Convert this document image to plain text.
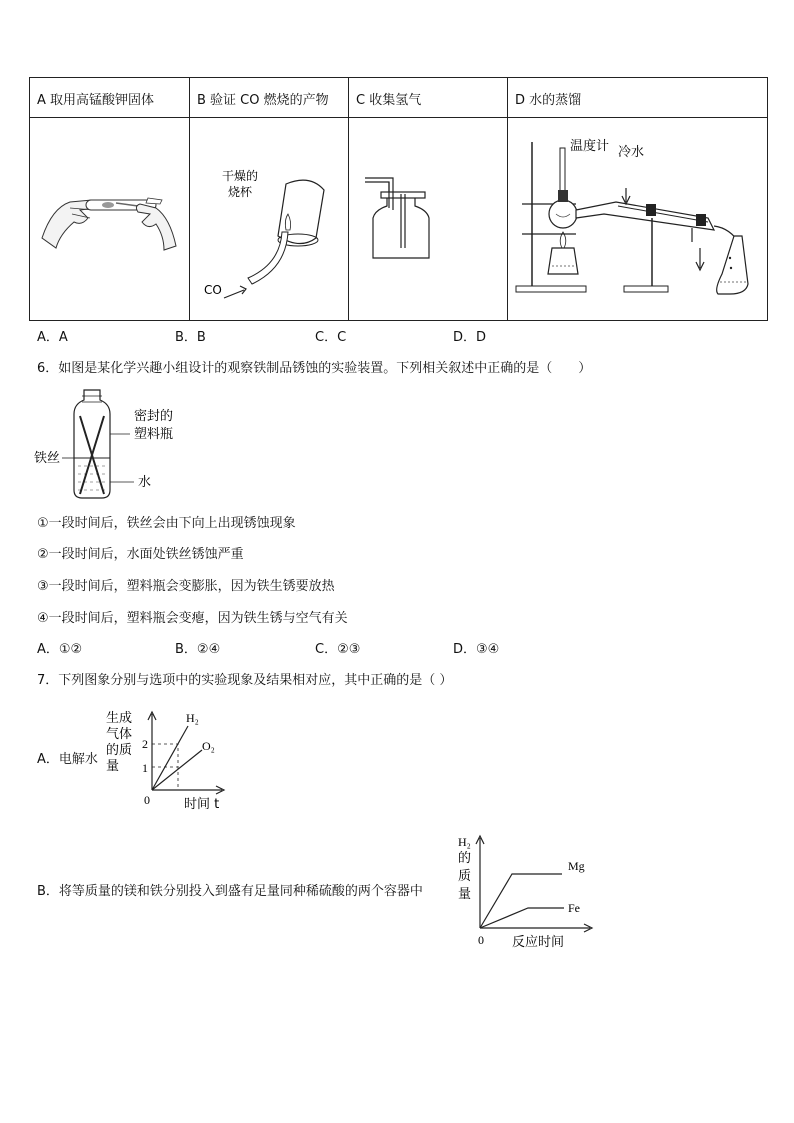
A 取用高锰酸钾固体	B 验证 CO 燃烧的产物	C 收集氢气	D 水的蒸馏

干燥的
烧杯
CO		温度计 冷水
A．A	B．B	C．C	D．D
6．如图是某化学兴趣小组设计的观察铁制品锈蚀的实验装置。下列相关叙述中正确的是（　　）
密封的
塑料瓶
铁丝
水
①一段时间后，铁丝会由下向上出现锈蚀现象
②一段时间后，水面处铁丝锈蚀严重
③一段时间后，塑料瓶会变膨胀，因为铁生锈要放热
④一段时间后，塑料瓶会变瘪，因为铁生锈与空气有关
A．①②	B．②④	C．②③	D．③④
7．下列图象分别与选项中的实验现象及结果相对应，其中正确的是（ ）
A．电解水
生成
气体
的质
量
2
1
0
H₂
O₂
时间 t
B．将等质量的镁和铁分别投入到盛有足量同种稀硫酸的两个容器中
H₂
的
质
量
Mg
Fe
0 反应时间
